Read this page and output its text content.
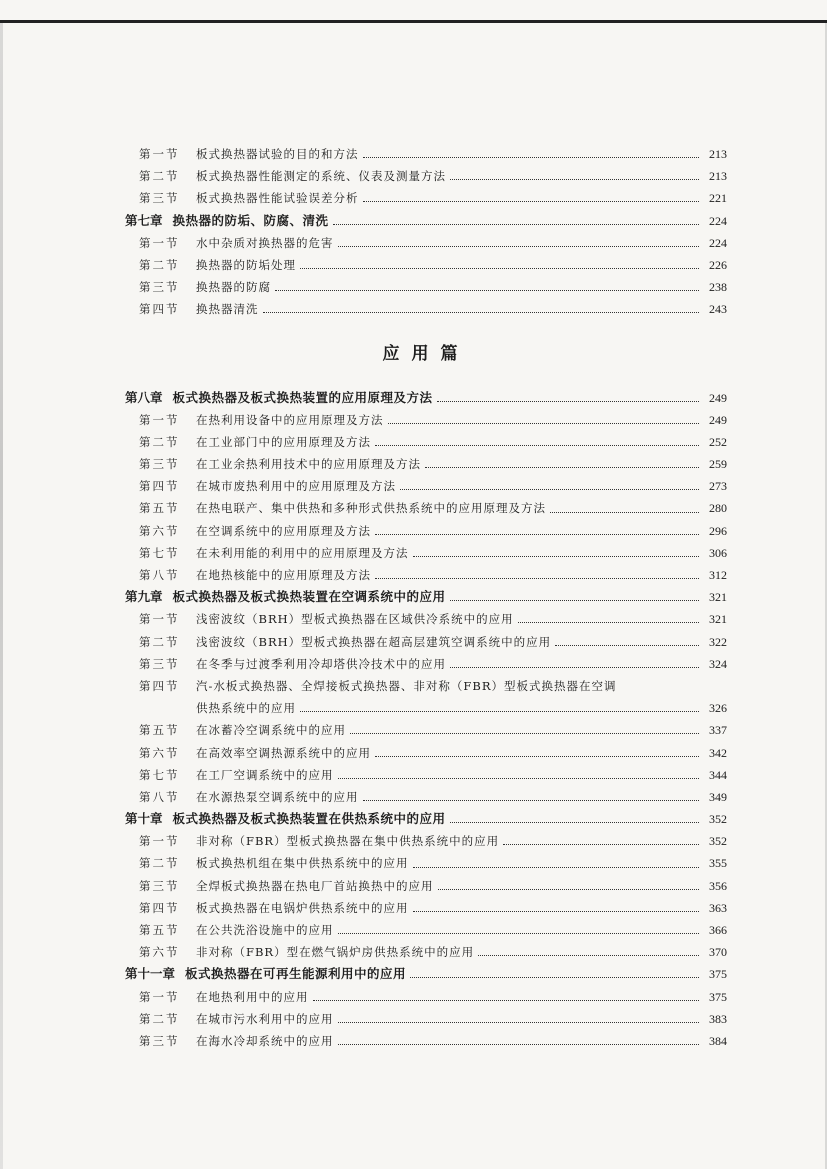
第一节	板式换热器试验的目的和方法	213
第二节	板式换热器性能测定的系统、仪表及测量方法	213
第三节	板式换热器性能试验误差分析	221
第七章 换热器的防垢、防腐、清洗	224
第一节	水中杂质对换热器的危害	224
第二节	换热器的防垢处理	226
第三节	换热器的防腐	238
第四节	换热器清洗	243
应用篇
第八章 板式换热器及板式换热装置的应用原理及方法	249
第一节	在热利用设备中的应用原理及方法	249
第二节	在工业部门中的应用原理及方法	252
第三节	在工业余热利用技术中的应用原理及方法	259
第四节	在城市废热利用中的应用原理及方法	273
第五节	在热电联产、集中供热和多种形式供热系统中的应用原理及方法	280
第六节	在空调系统中的应用原理及方法	296
第七节	在未利用能的利用中的应用原理及方法	306
第八节	在地热核能中的应用原理及方法	312
第九章 板式换热器及板式换热装置在空调系统中的应用	321
第一节	浅密波纹（BRH）型板式换热器在区域供冷系统中的应用	321
第二节	浅密波纹（BRH）型板式换热器在超高层建筑空调系统中的应用	322
第三节	在冬季与过渡季利用冷却塔供冷技术中的应用	324
第四节	汽-水板式换热器、全焊接板式换热器、非对称（FBR）型板式换热器在空调
供热系统中的应用	326
第五节	在冰蓄冷空调系统中的应用	337
第六节	在高效率空调热源系统中的应用	342
第七节	在工厂空调系统中的应用	344
第八节	在水源热泵空调系统中的应用	349
第十章 板式换热器及板式换热装置在供热系统中的应用	352
第一节	非对称（FBR）型板式换热器在集中供热系统中的应用	352
第二节	板式换热机组在集中供热系统中的应用	355
第三节	全焊板式换热器在热电厂首站换热中的应用	356
第四节	板式换热器在电锅炉供热系统中的应用	363
第五节	在公共洗浴设施中的应用	366
第六节	非对称（FBR）型在燃气锅炉房供热系统中的应用	370
第十一章 板式换热器在可再生能源利用中的应用	375
第一节	在地热利用中的应用	375
第二节	在城市污水利用中的应用	383
第三节	在海水冷却系统中的应用	384
